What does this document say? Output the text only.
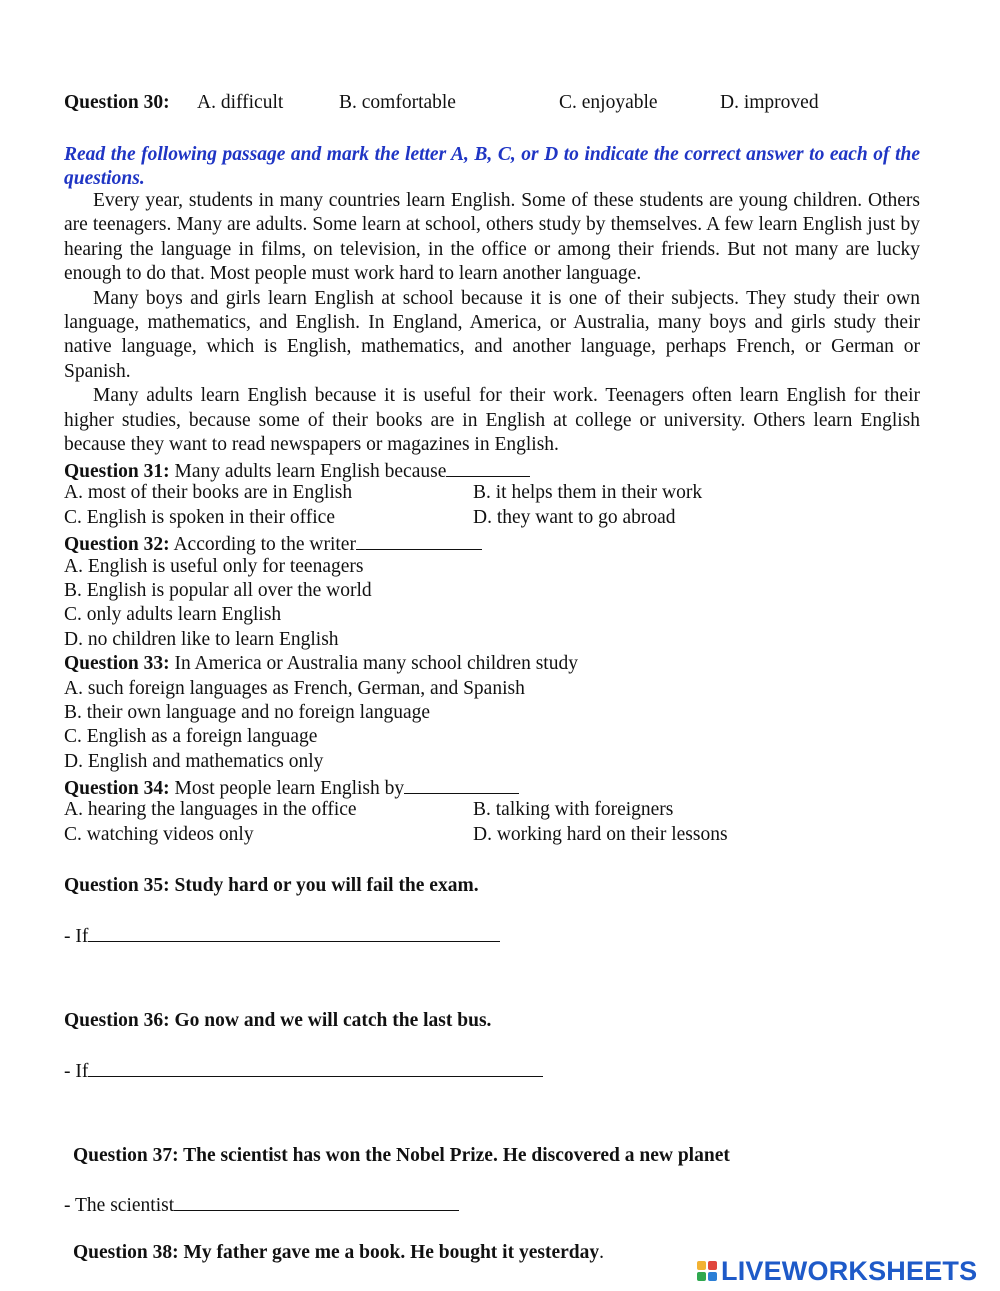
Question 30: A. difficult	B. comfortable	C. enjoyable	D. improved
Read the following passage and mark the letter A, B, C, or D to indicate the correct answer to each of the questions.

Every year, students in many countries learn English. Some of these students are young children. Others are teenagers. Many are adults. Some learn at school, others study by themselves. A few learn English just by hearing the language in films, on television, in the office or among their friends. But not many are lucky enough to do that. Most people must work hard to learn another language.

Many boys and girls learn English at school because it is one of their subjects. They study their own language, mathematics, and English. In England, America, or Australia, many boys and girls study their native language, which is English, mathematics, and another language, perhaps French, or German or Spanish.

Many adults learn English because it is useful for their work. Teenagers often learn English for their higher studies, because some of their books are in English at college or university. Others learn English because they want to read newspapers or magazines in English.

Question 31: Many adults learn English because
A. most of their books are in English	B. it helps them in their work
C. English is spoken in their office	D. they want to go abroad
Question 32: According to the writer
A. English is useful only for teenagers
B. English is popular all over the world
C. only adults learn English
D. no children like to learn English
Question 33: In America or Australia many school children study
A. such foreign languages as French, German, and Spanish
B. their own language and no foreign language
C. English as a foreign language
D. English and mathematics only
Question 34: Most people learn English by
A. hearing the languages in the office	B. talking with foreigners
C. watching videos only	D. working hard on their lessons
Question 35: Study hard or you will fail the exam.
- If
Question 36: Go now and we will catch the last bus.
- If
Question 37: The scientist has won the Nobel Prize. He discovered a new planet
- The scientist
Question 38: My father gave me a book. He bought it yesterday.
LIVEWORKSHEETS
